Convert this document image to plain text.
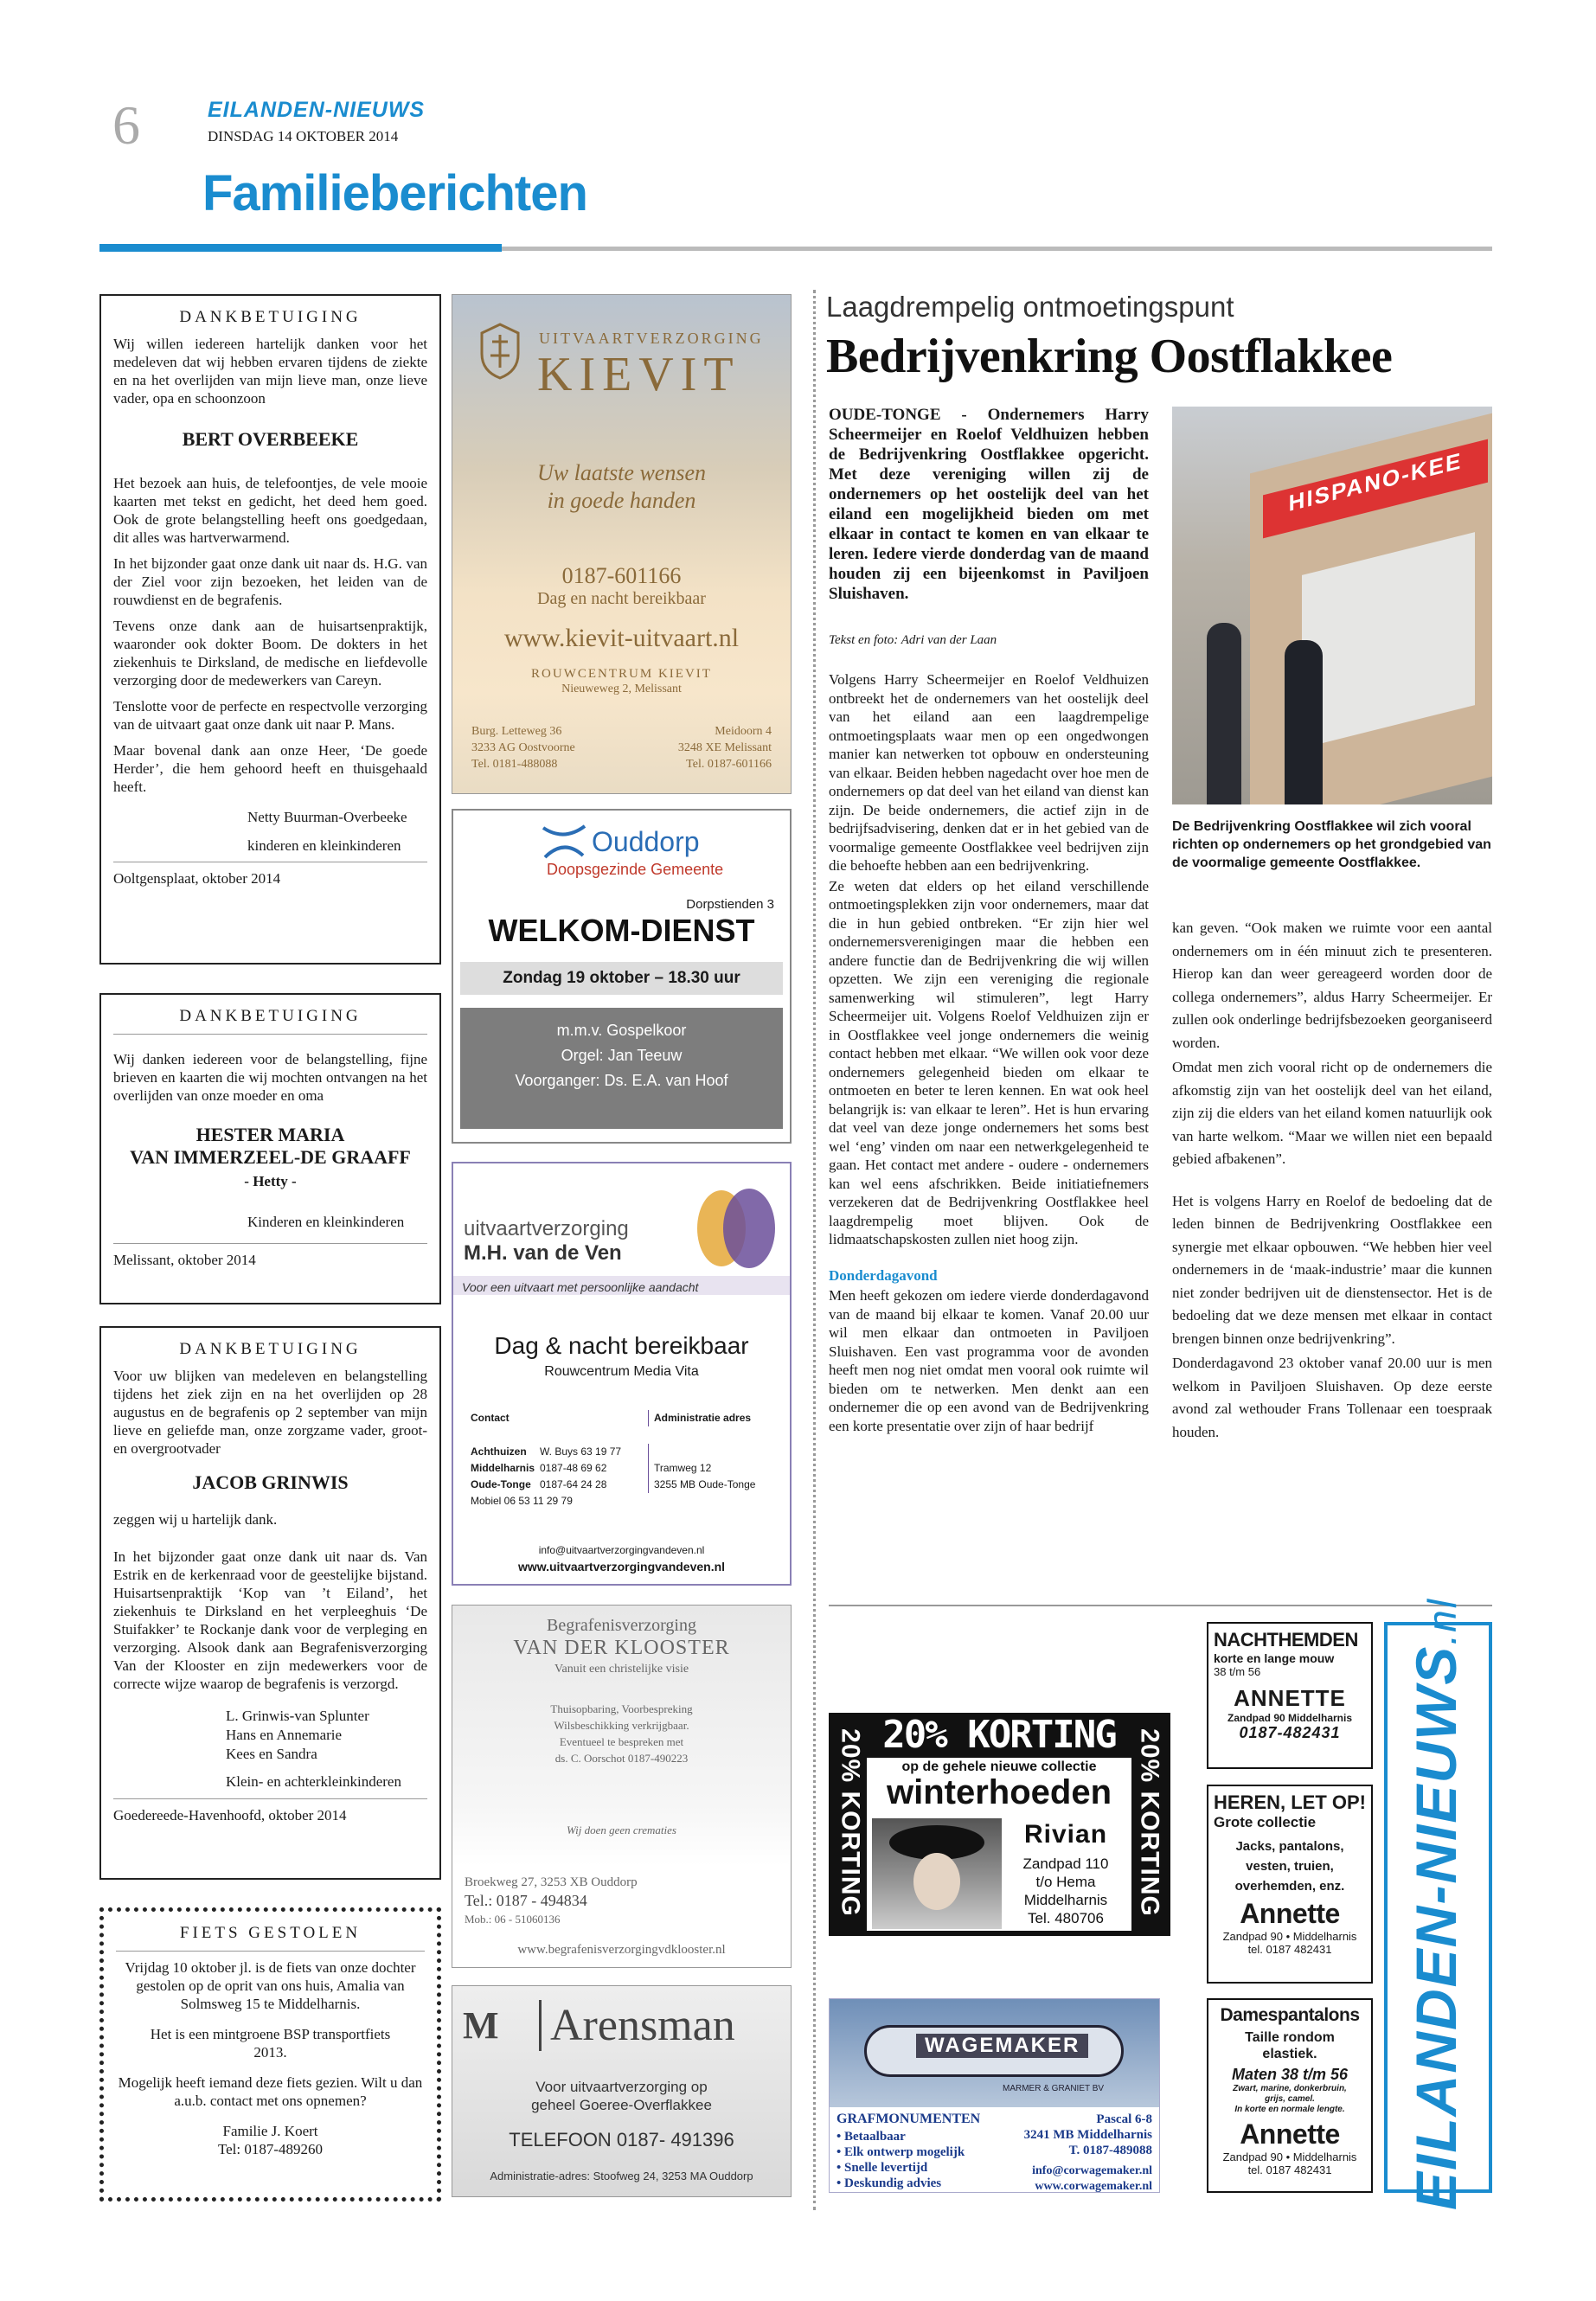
6	EILANDEN-NIEUWS
DINSDAG 14 OKTOBER 2014
Familieberichten
DANKBETUIGING

Wij willen iedereen hartelijk danken voor het medeleven dat wij hebben ervaren tijdens de ziekte en na het overlijden van mijn lieve man, onze lieve vader, opa en schoonzoon

BERT OVERBEEKE

Het bezoek aan huis, de telefoontjes, de vele mooie kaarten met tekst en gedicht, het deed hem goed. Ook de grote belangstelling heeft ons goedgedaan, dit alles was hartverwarmend.

In het bijzonder gaat onze dank uit naar ds. H.G. van der Ziel voor zijn bezoeken, het leiden van de rouwdienst en de begrafenis.

Tevens onze dank aan de huisartsenpraktijk, waaronder ook dokter Boom. De dokters in het ziekenhuis te Dirksland, de medische en liefdevolle verzorging door de medewerkers van Careyn.

Tenslotte voor de perfecte en respectvolle verzorging van de uitvaart gaat onze dank uit naar P. Mans.

Maar bovenal dank aan onze Heer, ‘De goede Herder’, die hem gehoord heeft en thuisgehaald heeft.

Netty Buurman-Overbeeke
kinderen en kleinkinderen
Ooltgensplaat, oktober 2014
DANKBETUIGING

Wij danken iedereen voor de belangstelling, fijne brieven en kaarten die wij mochten ontvangen na het overlijden van onze moeder en oma

HESTER MARIA
VAN IMMERZEEL-DE GRAAFF
- Hetty -
Kinderen en kleinkinderen
Melissant, oktober 2014
DANKBETUIGING

Voor uw blijken van medeleven en belangstelling tijdens het ziek zijn en na het overlijden op 28 augustus en de begrafenis op 2 september van mijn lieve en geliefde man, onze zorgzame vader, groot- en overgrootvader

JACOB GRINWIS

zeggen wij u hartelijk dank.

In het bijzonder gaat onze dank uit naar ds. Van Estrik en de kerkenraad voor de geestelijke bijstand. Huisartsenpraktijk ‘Kop van ’t Eiland’, het ziekenhuis te Dirksland en het verpleeghuis ‘De Stuifakker’ te Rockanje dank voor de verpleging en verzorging. Alsook dank aan Begrafenisverzorging Van der Klooster en zijn medewerkers voor de correcte wijze waarop de begrafenis is verzorgd.

L. Grinwis-van Splunter
Hans en Annemarie
Kees en Sandra
Klein- en achterkleinkinderen
Goedereede-Havenhoofd, oktober 2014
FIETS GESTOLEN

Vrijdag 10 oktober jl. is de fiets van onze dochter gestolen op de oprit van ons huis, Amalia van Solmsweg 15 te Middelharnis.

Het is een mintgroene BSP transportfiets 2013.

Mogelijk heeft iemand deze fiets gezien. Wilt u dan a.u.b. contact met ons opnemen?

Familie J. Koert
Tel: 0187-489260
UITVAARTVERZORGING
KIEVIT
Uw laatste wensen
in goede handen
0187-601166
Dag en nacht bereikbaar
www.kievit-uitvaart.nl
ROUWCENTRUM KIEVIT
Nieuweweg 2, Melissant
Burg. Letteweg 36
3233 AG Oostvoorne
Tel. 0181-488088
Meidoorn 4
3248 XE Melissant
Tel. 0187-601166
Ouddorp
Doopsgezinde Gemeente
Dorpstienden 3
WELKOM-DIENST
Zondag 19 oktober – 18.30 uur
m.m.v. Gospelkoor
Orgel: Jan Teeuw
Voorganger: Ds. E.A. van Hoof
uitvaartverzorging
M.H. van de Ven
Voor een uitvaart met persoonlijke aandacht
Dag & nacht bereikbaar
Rouwcentrum Media Vita
Contact	Administratie adres
Achthuizen	W. Buys 63 19 77

Middelharnis 0187-48 69 62	Tramweg 12
Oude-Tonge 0187-64 24 28	3255 MB Oude-Tonge
Mobiel 06 53 11 29 79
info@uitvaartverzorgingvandeven.nl
www.uitvaartverzorgingvandeven.nl
Begrafenisverzorging
VAN DER KLOOSTER
Vanuit een christelijke visie
Thuisopbaring, Voorbespreking
Wilsbeschikking verkrijgbaar.
Eventueel te bespreken met
ds. C. Oorschot 0187-490223
Wij doen geen crematies
Broekweg 27, 3253 XB Ouddorp
Tel.: 0187 - 494834
Mob.: 06 - 51060136
www.begrafenisverzorgingvdklooster.nl
M Arensman
Voor uitvaartverzorging op
geheel Goeree-Overflakkee
TELEFOON 0187- 491396
Administratie-adres: Stoofweg 24, 3253 MA Ouddorp
Laagdrempelig ontmoetingspunt
Bedrijvenkring Oostflakkee

OUDE-TONGE - Ondernemers Harry Scheermeijer en Roelof Veldhuizen hebben de Bedrijvenkring Oostflakkee opgericht. Met deze vereniging willen zij de ondernemers op het oostelijk deel van het eiland een mogelijkheid bieden om met elkaar in contact te komen en van elkaar te leren. Iedere vierde donderdag van de maand houden zij een bijeenkomst in Paviljoen Sluishaven.

Tekst en foto: Adri van der Laan
HISPANO-KEE
De Bedrijvenkring Oostflakkee wil zich vooral richten op ondernemers op het grondgebied van de voormalige gemeente Oostflakkee.

Volgens Harry Scheermeijer en Roelof Veldhuizen ontbreekt het de ondernemers van het oostelijk deel van het eiland aan een laagdrempelige ontmoetingsplaats waar men op een ongedwongen manier kan netwerken tot opbouw en ondersteuning van elkaar. Beiden hebben nagedacht over hoe men de ondernemers op dat deel van het eiland van dienst kan zijn. De beide ondernemers, die actief zijn in de bedrijfsadvisering, denken dat er in het gebied van de voormalige gemeente Oostflakkee veel bedrijven zijn die behoefte hebben aan een bedrijvenkring.

Ze weten dat elders op het eiland verschillende ontmoetingsplekken zijn voor ondernemers, maar dat die in hun gebied ontbreken. “Er zijn hier wel ondernemersverenigingen maar die hebben een andere functie dan de Bedrijvenkring die wij willen opzetten. We zijn een vereniging die regionale samenwerking wil stimuleren”, legt Harry Scheermeijer uit. Volgens Roelof Veldhuizen zijn er in Oostflakkee veel jonge ondernemers die weinig contact hebben met elkaar. “We willen ook voor deze ondernemers gelegenheid bieden om elkaar te ontmoeten en beter te leren kennen. En wat ook heel belangrijk is: van elkaar te leren”. Het is hun ervaring dat veel van deze jonge ondernemers het soms best wel ‘eng’ vinden om naar een netwerkgelegenheid te gaan. Het contact met andere - oudere - ondernemers kan wel eens afschrikken. Beide initiatiefnemers verzekeren dat de Bedrijvenkring Oostflakkee heel laagdrempelig moet blijven. Ook de lidmaatschapskosten zullen niet hoog zijn.

Donderdagavond

Men heeft gekozen om iedere vierde donderdagavond van de maand bij elkaar te komen. Vanaf 20.00 uur wil men elkaar dan ontmoeten in Paviljoen Sluishaven. Een vast programma voor de avonden heeft men nog niet omdat men vooral ook ruimte wil bieden om te netwerken. Men denkt aan een ondernemer die op een avond van de Bedrijvenkring een korte presentatie over zijn of haar bedrijf

kan geven. “Ook maken we ruimte voor een aantal ondernemers om in één minuut zich te presenteren. Hierop kan dan weer gereageerd worden door de collega ondernemers”, aldus Harry Scheermeijer. Er zullen ook onderlinge bedrijfsbezoeken georganiseerd worden.

Omdat men zich vooral richt op de ondernemers die afkomstig zijn van het oostelijk deel van het eiland, zijn zij die elders van het eiland komen natuurlijk ook van harte welkom. “Maar we willen niet een bepaald gebied afbakenen”.

Het is volgens Harry en Roelof de bedoeling dat de leden binnen de Bedrijvenkring Oostflakkee een synergie met elkaar opbouwen. “We hebben hier veel ondernemers in de ‘maak-industrie’ maar die kunnen niet zonder bedrijven uit de dienstensector. Het is de bedoeling dat we deze mensen met elkaar in contact brengen binnen onze bedrijvenkring”.

Donderdagavond 23 oktober vanaf 20.00 uur is men welkom in Paviljoen Sluishaven. Op deze eerste avond zal wethouder Frans Tollenaar een toespraak houden.

20% KORTING	20% KORTING
20% KORTING
op de gehele nieuwe collectie
winterhoeden
Rivian
Zandpad 110
t/o Hema
Middelharnis
Tel. 480706
WAGEMAKER
MARMER & GRANIET BV
GRAFMONUMENTEN
• Betaalbaar
• Elk ontwerp mogelijk
• Snelle levertijd
• Deskundig advies
Pascal 6-8
3241 MB Middelharnis
T. 0187-489088
info@corwagemaker.nl
www.corwagemaker.nl
NACHTHEMDEN
korte en lange mouw
38 t/m 56
ANNETTE
Zandpad 90 Middelharnis
0187-482431
HEREN, LET OP!
Grote collectie
Jacks, pantalons,
vesten, truien,
overhemden, enz.
Annette
Zandpad 90 • Middelharnis
tel. 0187 482431
Damespantalons
Taille rondom
elastiek.
Maten 38 t/m 56
Zwart, marine, donkerbruin,
grijs, camel.
In korte en normale lengte.
Annette
Zandpad 90 • Middelharnis
tel. 0187 482431	EILANDEN-NIEUWS.nl
